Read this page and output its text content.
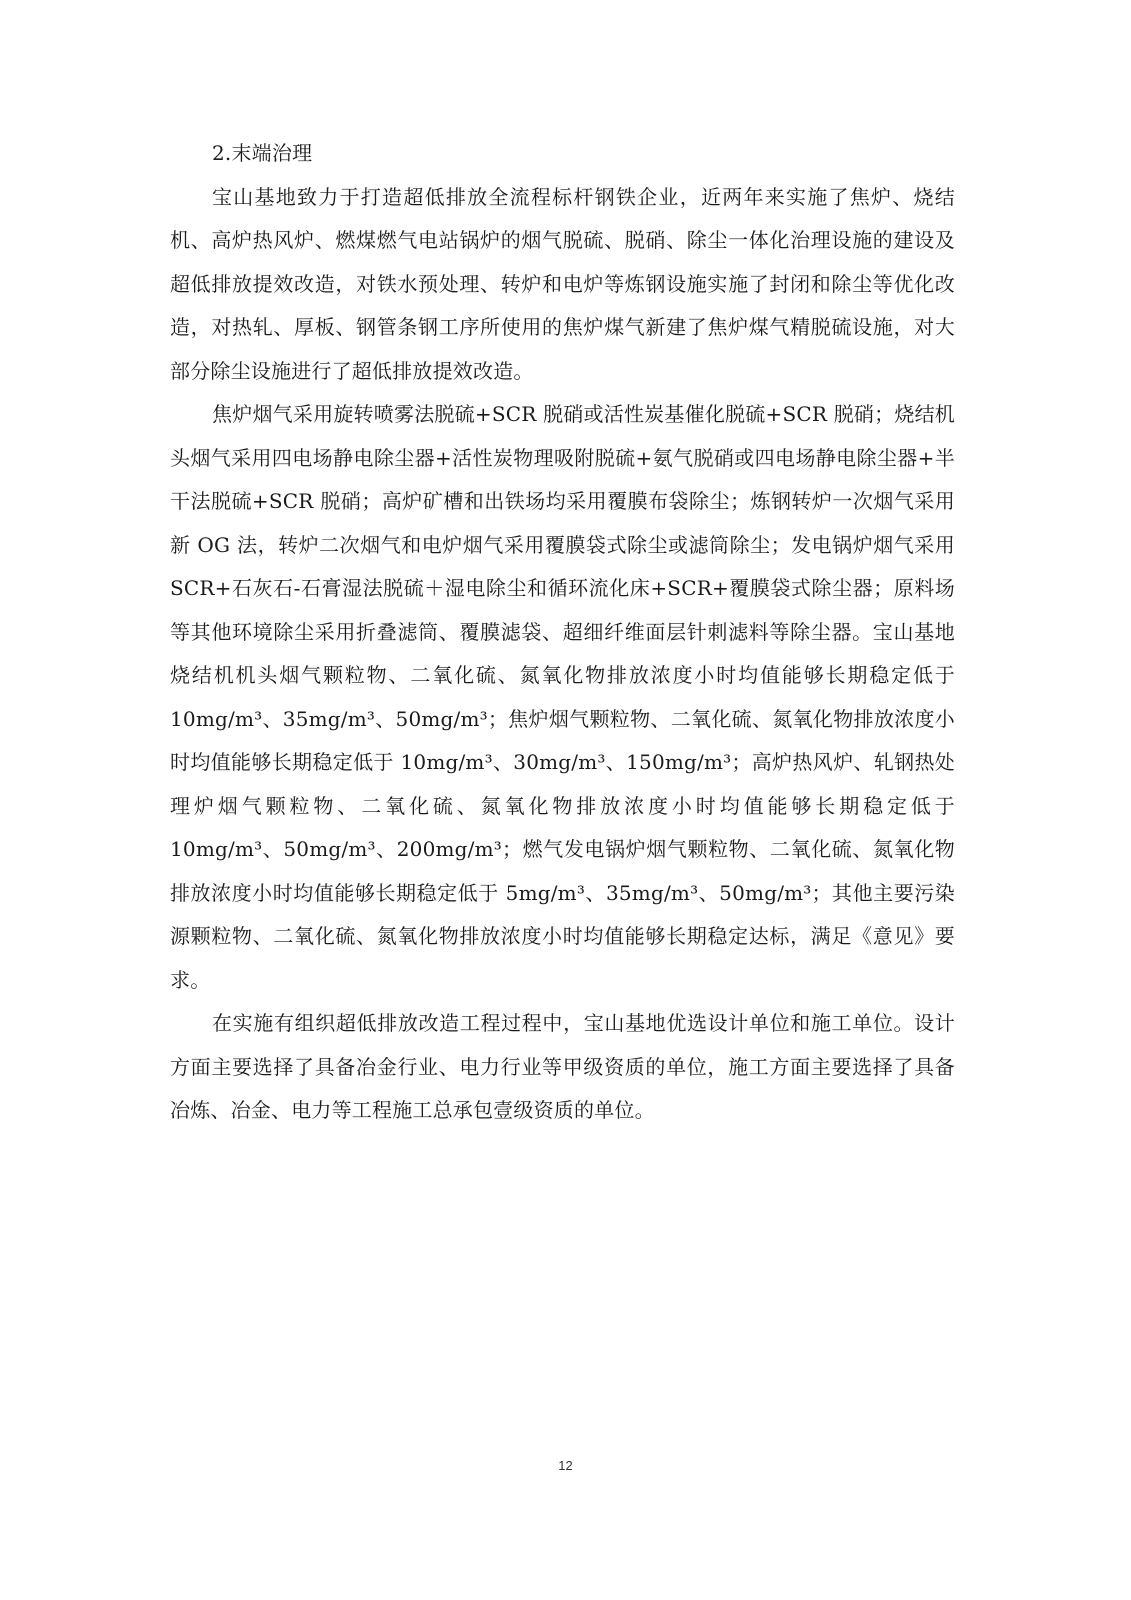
2.末端治理

宝山基地致力于打造超低排放全流程标杆钢铁企业，近两年来实施了焦炉、烧结机、高炉热风炉、燃煤燃气电站锅炉的烟气脱硫、脱硝、除尘一体化治理设施的建设及超低排放提效改造，对铁水预处理、转炉和电炉等炼钢设施实施了封闭和除尘等优化改造，对热轧、厚板、钢管条钢工序所使用的焦炉煤气新建了焦炉煤气精脱硫设施，对大部分除尘设施进行了超低排放提效改造。

焦炉烟气采用旋转喷雾法脱硫+SCR 脱硝或活性炭基催化脱硫+SCR 脱硝；烧结机头烟气采用四电场静电除尘器+活性炭物理吸附脱硫+氨气脱硝或四电场静电除尘器+半干法脱硫+SCR 脱硝；高炉矿槽和出铁场均采用覆膜布袋除尘；炼钢转炉一次烟气采用新 OG 法，转炉二次烟气和电炉烟气采用覆膜袋式除尘或滤筒除尘；发电锅炉烟气采用 SCR+石灰石-石膏湿法脱硫＋湿电除尘和循环流化床+SCR+覆膜袋式除尘器；原料场等其他环境除尘采用折叠滤筒、覆膜滤袋、超细纤维面层针刺滤料等除尘器。宝山基地烧结机机头烟气颗粒物、二氧化硫、氮氧化物排放浓度小时均值能够长期稳定低于 10mg/m³、35mg/m³、50mg/m³；焦炉烟气颗粒物、二氧化硫、氮氧化物排放浓度小时均值能够长期稳定低于 10mg/m³、30mg/m³、150mg/m³；高炉热风炉、轧钢热处理炉烟气颗粒物、二氧化硫、氮氧化物排放浓度小时均值能够长期稳定低于 10mg/m³、50mg/m³、200mg/m³；燃气发电锅炉烟气颗粒物、二氧化硫、氮氧化物排放浓度小时均值能够长期稳定低于 5mg/m³、35mg/m³、50mg/m³；其他主要污染源颗粒物、二氧化硫、氮氧化物排放浓度小时均值能够长期稳定达标，满足《意见》要求。

在实施有组织超低排放改造工程过程中，宝山基地优选设计单位和施工单位。设计方面主要选择了具备冶金行业、电力行业等甲级资质的单位，施工方面主要选择了具备冶炼、冶金、电力等工程施工总承包壹级资质的单位。

12
